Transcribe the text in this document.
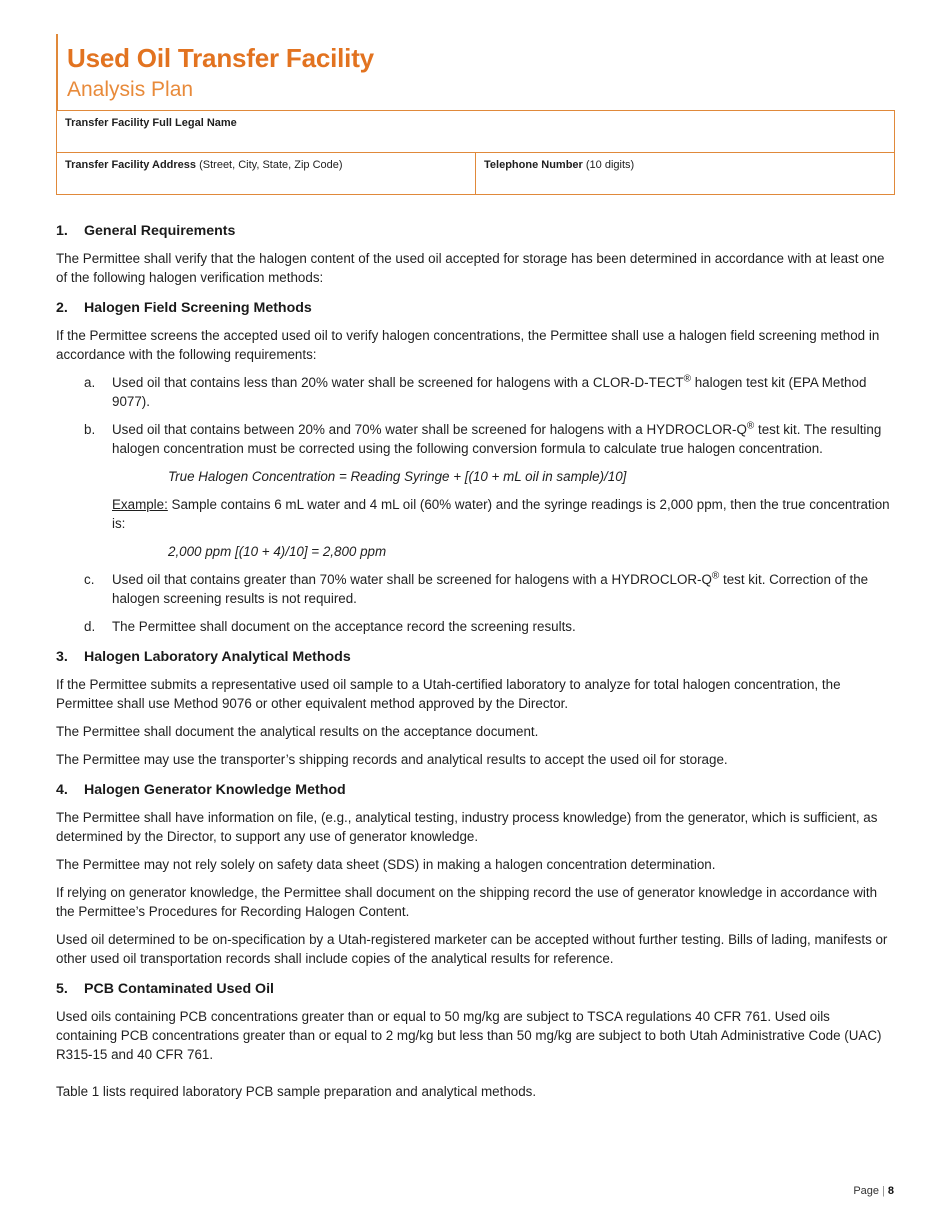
Used Oil Transfer Facility
Analysis Plan
Transfer Facility Full Legal Name
Transfer Facility Address (Street, City, State, Zip Code)	Telephone Number (10 digits)
1. General Requirements

The Permittee shall verify that the halogen content of the used oil accepted for storage has been determined in accordance with at least one of the following halogen verification methods:

2. Halogen Field Screening Methods

If the Permittee screens the accepted used oil to verify halogen concentrations, the Permittee shall use a halogen field screening method in accordance with the following requirements:

a. Used oil that contains less than 20% water shall be screened for halogens with a CLOR-D-TECT® halogen test kit (EPA Method 9077).
b. Used oil that contains between 20% and 70% water shall be screened for halogens with a HYDROCLOR-Q® test kit. The resulting halogen concentration must be corrected using the following conversion formula to calculate true halogen concentration.
True Halogen Concentration = Reading Syringe + [(10 + mL oil in sample)/10]
Example: Sample contains 6 mL water and 4 mL oil (60% water) and the syringe readings is 2,000 ppm, then the true concentration is:
2,000 ppm [(10 + 4)/10] = 2,800 ppm
c. Used oil that contains greater than 70% water shall be screened for halogens with a HYDROCLOR-Q® test kit. Correction of the halogen screening results is not required.
d. The Permittee shall document on the acceptance record the screening results.
3. Halogen Laboratory Analytical Methods

If the Permittee submits a representative used oil sample to a Utah-certified laboratory to analyze for total halogen concentration, the Permittee shall use Method 9076 or other equivalent method approved by the Director.

The Permittee shall document the analytical results on the acceptance document.

The Permittee may use the transporter’s shipping records and analytical results to accept the used oil for storage.

4. Halogen Generator Knowledge Method

The Permittee shall have information on file, (e.g., analytical testing, industry process knowledge) from the generator, which is sufficient, as determined by the Director, to support any use of generator knowledge.

The Permittee may not rely solely on safety data sheet (SDS) in making a halogen concentration determination.

If relying on generator knowledge, the Permittee shall document on the shipping record the use of generator knowledge in accordance with the Permittee’s Procedures for Recording Halogen Content.

Used oil determined to be on-specification by a Utah-registered marketer can be accepted without further testing. Bills of lading, manifests or other used oil transportation records shall include copies of the analytical results for reference.

5. PCB Contaminated Used Oil

Used oils containing PCB concentrations greater than or equal to 50 mg/kg are subject to TSCA regulations 40 CFR 761. Used oils containing PCB concentrations greater than or equal to 2 mg/kg but less than 50 mg/kg are subject to both Utah Administrative Code (UAC) R315-15 and 40 CFR 761.

Table 1 lists required laboratory PCB sample preparation and analytical methods.

Page | 8
